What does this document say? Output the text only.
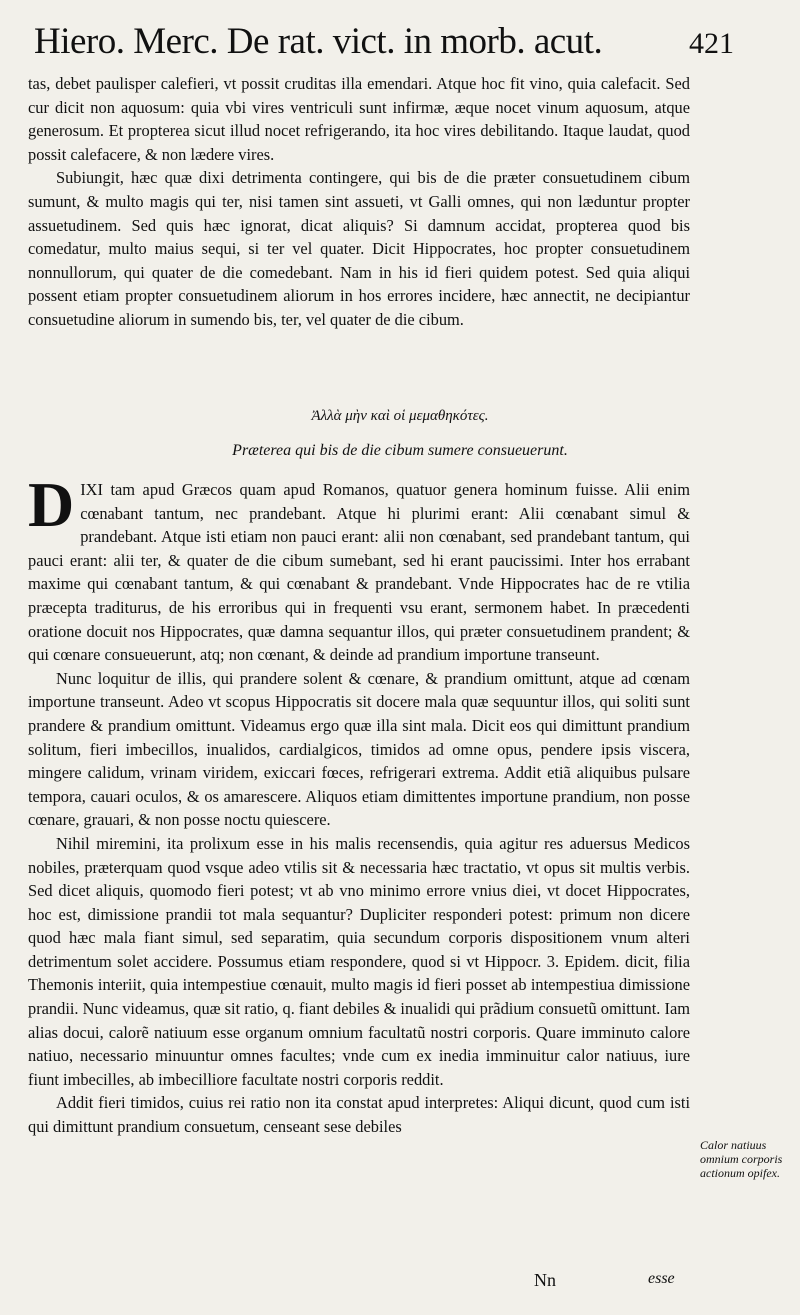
Hiero. Merc. De rat. vict. in morb. acut.	421

tas, debet paulisper calefieri, vt possit cruditas illa emendari. Atque hoc fit vino, quia calefacit. Sed cur dicit non aquosum: quia vbi vires ventriculi sunt infirmæ, æque nocet vinum aquosum, atque generosum. Et propterea sicut illud nocet refrigerando, ita hoc vires debilitando. Itaque laudat, quod possit calefacere, & non lædere vires.

Subiungit, hæc quæ dixi detrimenta contingere, qui bis de die præter consuetudinem cibum sumunt, & multo magis qui ter, nisi tamen sint assueti, vt Galli omnes, qui non læduntur propter assuetudinem. Sed quis hæc ignorat, dicat aliquis? Si damnum accidat, propterea quod bis comedatur, multo maius sequi, si ter vel quater. Dicit Hippocrates, hoc propter consuetudinem nonnullorum, qui quater de die comedebant. Nam in his id fieri quidem potest. Sed quia aliqui possent etiam propter consuetudinem aliorum in hos errores incidere, hæc annectit, ne decipiantur consuetudine aliorum in sumendo bis, ter, vel quater de die cibum.

Ἀλλὰ μὴν καὶ οἱ μεμαθηκότες.
Præterea qui bis de die cibum sumere consueuerunt.

DIXI tam apud Græcos quam apud Romanos, quatuor genera hominum fuisse. Alii enim cœnabant tantum, nec prandebant. Atque hi plurimi erant: Alii cœnabant simul & prandebant. Atque isti etiam non pauci erant: alii non cœnabant, sed prandebant tantum, qui pauci erant: alii ter, & quater de die cibum sumebant, sed hi erant paucissimi. Inter hos errabant maxime qui cœnabant tantum, & qui cœnabant & prandebant. Vnde Hippocrates hac de re vtilia præcepta traditurus, de his erroribus qui in frequenti vsu erant, sermonem habet. In præcedenti oratione docuit nos Hippocrates, quæ damna sequantur illos, qui præter consuetudinem prandent; & qui cœnare consueuerunt, atq; non cœnant, & deinde ad prandium importune transeunt.

Nunc loquitur de illis, qui prandere solent & cœnare, & prandium omittunt, atque ad cœnam importune transeunt. Adeo vt scopus Hippocratis sit docere mala quæ sequuntur illos, qui soliti sunt prandere & prandium omittunt. Videamus ergo quæ illa sint mala. Dicit eos qui dimittunt prandium solitum, fieri imbecillos, inualidos, cardialgicos, timidos ad omne opus, pendere ipsis viscera, mingere calidum, vrinam viridem, exiccari fœces, refrigerari extrema. Addit etiã aliquibus pulsare tempora, cauari oculos, & os amarescere. Aliquos etiam dimittentes importune prandium, non posse cœnare, grauari, & non posse noctu quiescere.

Nihil miremini, ita prolixum esse in his malis recensendis, quia agitur res aduersus Medicos nobiles, præterquam quod vsque adeo vtilis sit & necessaria hæc tractatio, vt opus sit multis verbis. Sed dicet aliquis, quomodo fieri potest; vt ab vno minimo errore vnius diei, vt docet Hippocrates, hoc est, dimissione prandii tot mala sequantur? Dupliciter responderi potest: primum non dicere quod hæc mala fiant simul, sed separatim, quia secundum corporis dispositionem vnum alteri detrimentum solet accidere. Possumus etiam respondere, quod si vt Hippocr. 3. Epidem. dicit, filia Themonis interiit, quia intempestiue cœnauit, multo magis id fieri posset ab intempestiua dimissione prandii. Nunc videamus, quæ sit ratio, q. fiant debiles & inualidi qui prãdium consuetũ omittunt. Iam alias docui, calorẽ natiuum esse organum omnium facultatũ nostri corporis. Quare imminuto calore natiuo, necessario minuuntur omnes facultes; vnde cum ex inedia imminuitur calor natiuus, iure fiunt imbecilles, ab imbecilliore facultate nostri corporis reddit.

Addit fieri timidos, cuius rei ratio non ita constat apud interpretes: Aliqui dicunt, quod cum isti qui dimittunt prandium consuetum, censeant sese debiles

Calor natiuus omnium corporis actionum opifex.
Nn	esse
